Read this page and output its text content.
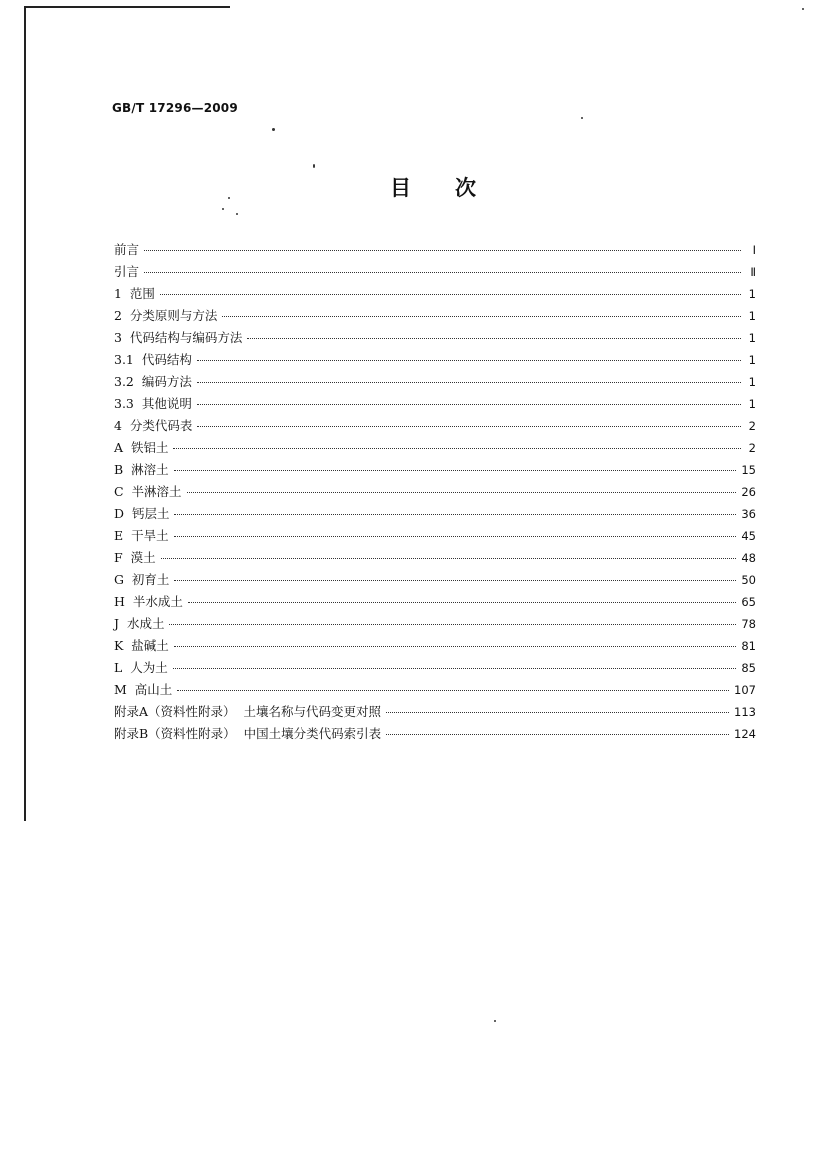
GB/T 17296—2009
目 次
前言	Ⅰ
引言	Ⅱ
1  范围	1
2  分类原则与方法	1
3  代码结构与编码方法	1
3.1  代码结构	1
3.2  编码方法	1
3.3  其他说明	1
4  分类代码表	2
A  铁铝土	2
B  淋溶土	15
C  半淋溶土	26
D  钙层土	36
E  干旱土	45
F  漠土	48
G  初育土	50
H  半水成土	65
J  水成土	78
K  盐碱土	81
L  人为土	85
M  高山土	107
附录A（资料性附录）  土壤名称与代码变更对照	113
附录B（资料性附录）  中国土壤分类代码索引表	124
